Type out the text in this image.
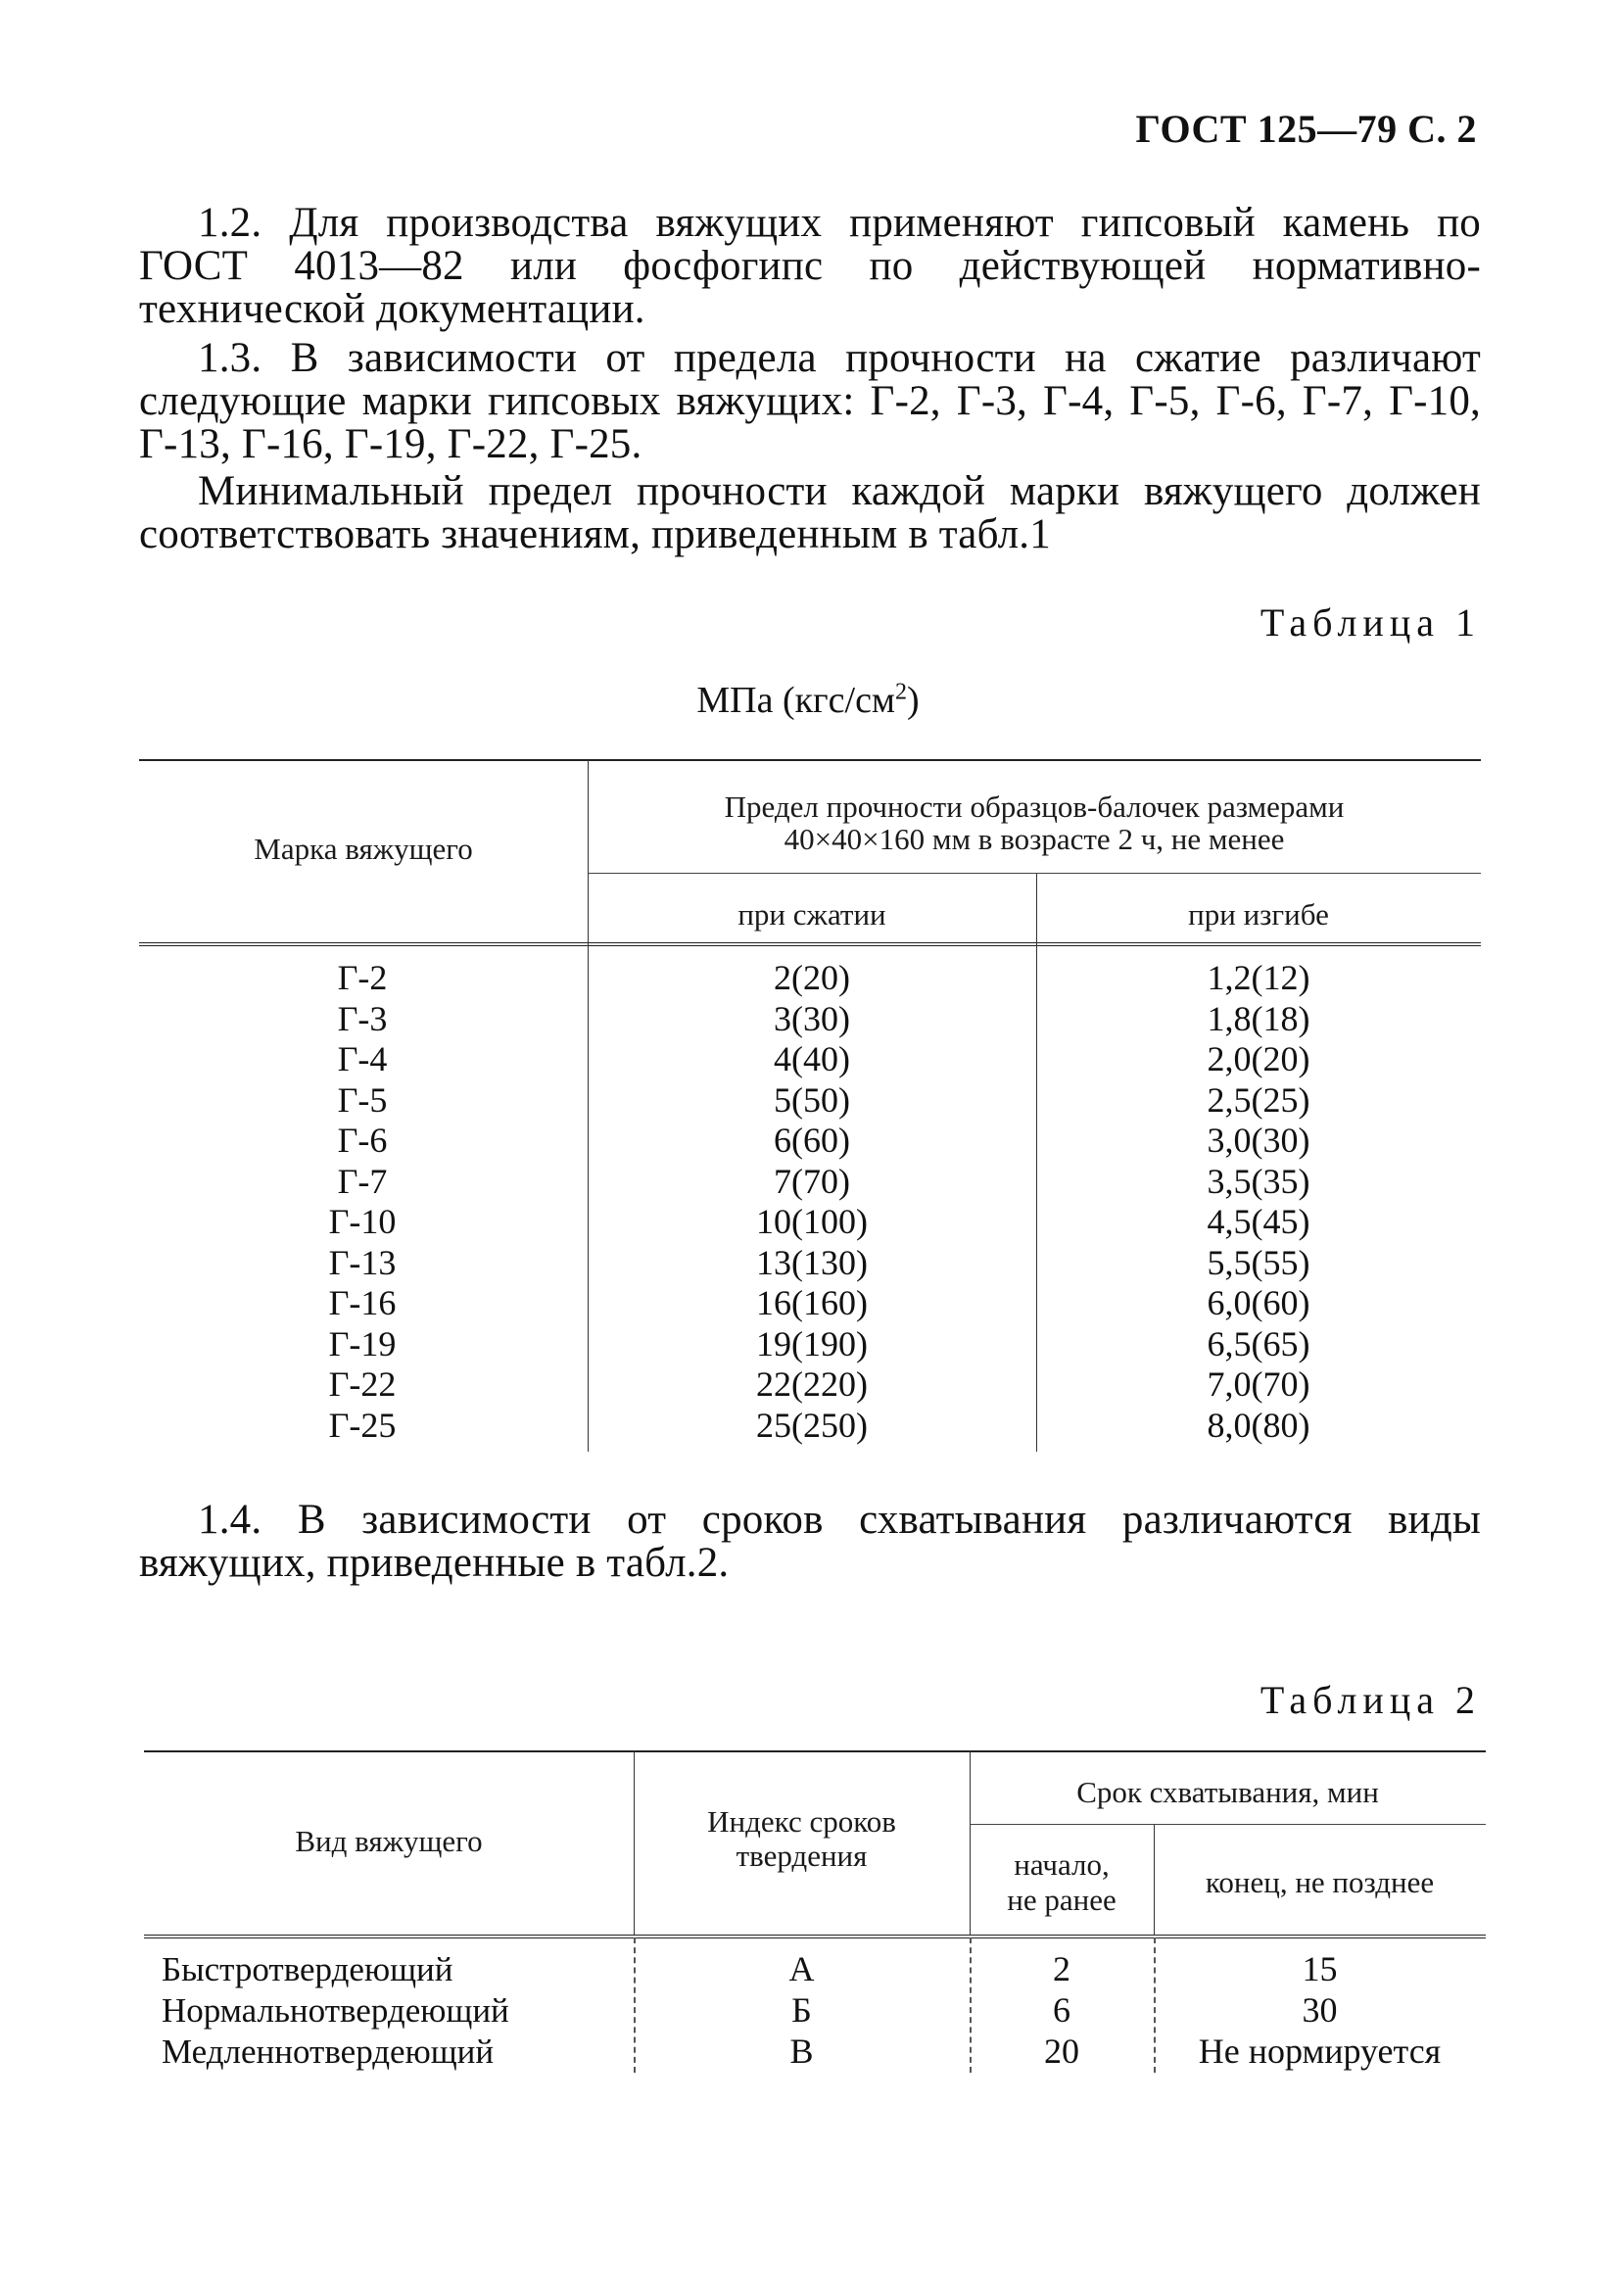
ГОСТ 125—79 С. 2
1.2. Для производства вяжущих применяют гипсовый камень по ГОСТ 4013—82 или фосфогипс по действующей нормативно-технической документации.
1.3. В зависимости от предела прочности на сжатие различают следующие марки гипсовых вяжущих: Г-2, Г-3, Г-4, Г-5, Г-6, Г-7, Г-10, Г-13, Г-16, Г-19, Г-22, Г-25.
Минимальный предел прочности каждой марки вяжущего должен соответствовать значениям, приведенным в табл.1
Таблица 1
МПа $(кгс/см^2)$
Марка вяжущего
Предел прочности образцов-балочек размерами
40×40×160 мм в возрасте 2 ч, не менее
при сжатии	при изгибе
Г-2	2(20)	1,2(12)
Г-3	3(30)	1,8(18)
Г-4	4(40)	2,0(20)
Г-5	5(50)	2,5(25)
Г-6	6(60)	3,0(30)
Г-7	7(70)	3,5(35)
Г-10	10(100)	4,5(45)
Г-13	13(130)	5,5(55)
Г-16	16(160)	6,0(60)
Г-19	19(190)	6,5(65)
Г-22	22(220)	7,0(70)
Г-25	25(250)	8,0(80)
1.4. В зависимости от сроков схватывания различаются виды вяжущих, приведенные в табл.2.
Таблица 2
Вид вяжущего
Индекс сроков
твердения
Срок схватывания, мин
начало,
не ранее
конец, не позднее
Быстротвердеющий	А	2	15
Нормальнотвердеющий	Б	6	30
Медленнотвердеющий	В	20	Не нормируется
